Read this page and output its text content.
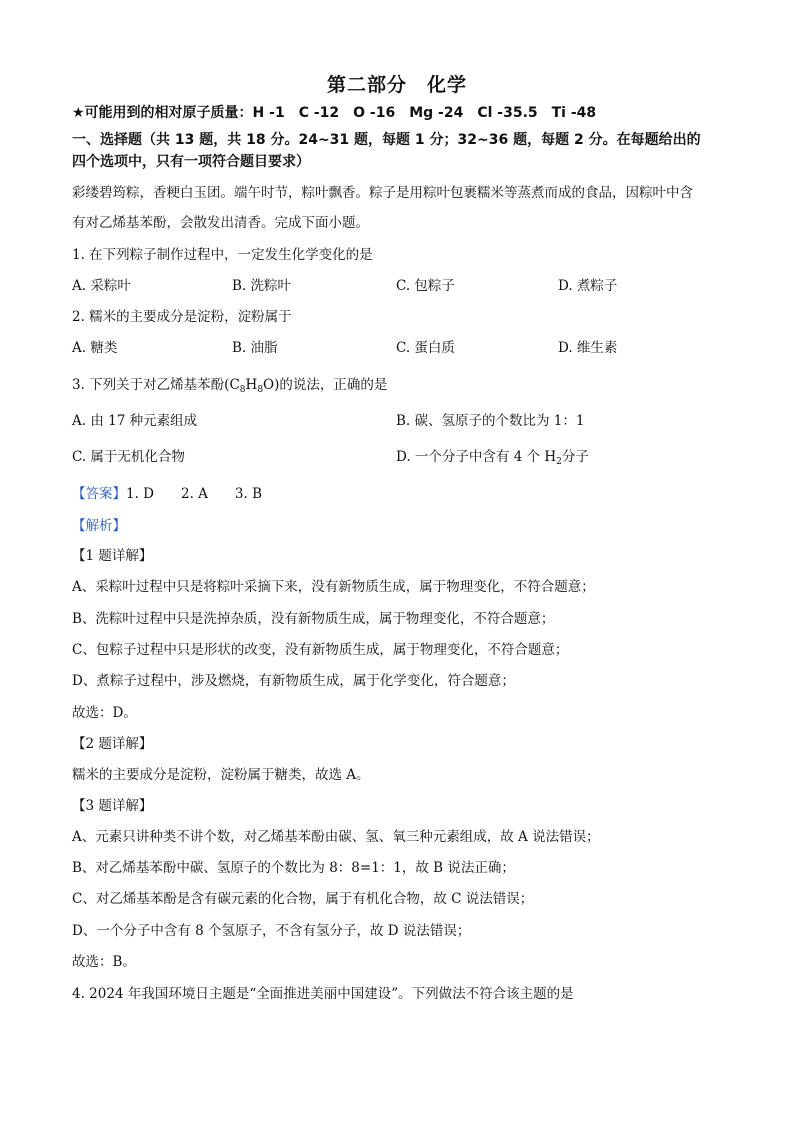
第二部分　化学
★可能用到的相对原子质量：H -1　C -12　O -16　Mg -24　Cl -35.5　Ti -48
一、选择题（共 13 题，共 18 分。24~31 题，每题 1 分；32~36 题，每题 2 分。在每题给出的
四个选项中，只有一项符合题目要求）
彩缕碧筠粽，香粳白玉团。端午时节，粽叶飘香。粽子是用粽叶包裹糯米等蒸煮而成的食品，因粽叶中含
有对乙烯基苯酚，会散发出清香。完成下面小题。
1. 在下列粽子制作过程中，一定发生化学变化的是
A. 采粽叶	B. 洗粽叶	C. 包粽子	D. 煮粽子
2. 糯米的主要成分是淀粉，淀粉属于
A. 糖类	B. 油脂	C. 蛋白质	D. 维生素
3. 下列关于对乙烯基苯酚$(C_8H_8O)$的说法，正确的是
A. 由 17 种元素组成	B. 碳、氢原子的个数比为 1：1
C. 属于无机化合物	D. 一个分子中含有 4 个 $H_2$分子
【答案】1. D　　2. A　　3. B
【解析】
【1 题详解】
A、采粽叶过程中只是将粽叶采摘下来，没有新物质生成，属于物理变化，不符合题意；
B、洗粽叶过程中只是洗掉杂质，没有新物质生成，属于物理变化，不符合题意；
C、包粽子过程中只是形状的改变，没有新物质生成，属于物理变化，不符合题意；
D、煮粽子过程中，涉及燃烧，有新物质生成，属于化学变化，符合题意；
故选：D。
【2 题详解】
糯米的主要成分是淀粉，淀粉属于糖类，故选 A。
【3 题详解】
A、元素只讲种类不讲个数，对乙烯基苯酚由碳、氢、氧三种元素组成，故 A 说法错误；
B、对乙烯基苯酚中碳、氢原子的个数比为 8：8=1：1，故 B 说法正确；
C、对乙烯基苯酚是含有碳元素的化合物，属于有机化合物，故 C 说法错误；
D、一个分子中含有 8 个氢原子，不含有氢分子，故 D 说法错误；
故选：B。
4. 2024 年我国环境日主题是“全面推进美丽中国建设”。下列做法不符合该主题的是
